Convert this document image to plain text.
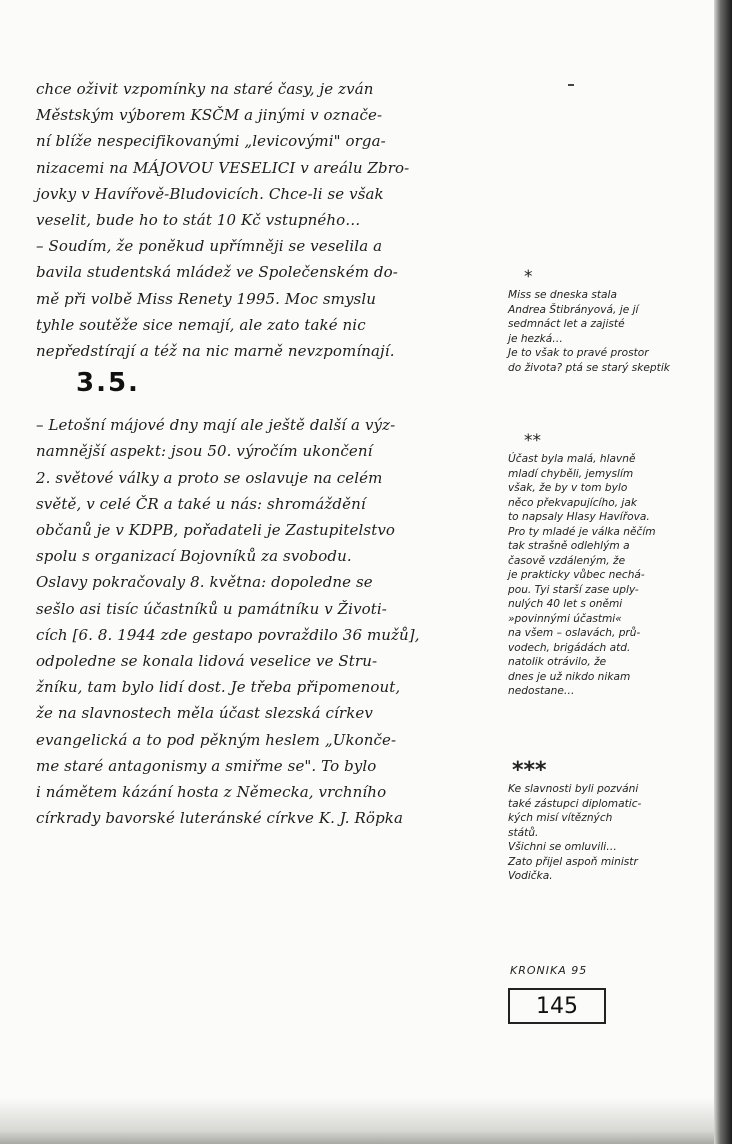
chce oživit vzpomínky na staré časy, je zván
Městským výborem KSČM a jinými v označe-
ní blíže nespecifikovanými „levicovými" orga-
nizacemi na MÁJOVOU VESELICI v areálu Zbro-
jovky v Havířově-Bludovicích. Chce-li se však
veselit, bude ho to stát 10 Kč vstupného…
– Soudím, že poněkud upřímněji se veselila a
bavila studentská mládež ve Společenském do-
mě při volbě Miss Renety 1995. Moc smyslu
tyhle soutěže sice nemají, ale zato také nic
nepředstírají a též na nic marně nevzpomínají.
3.5.
– Letošní májové dny mají ale ještě další a výz-
namnější aspekt: jsou 50. výročím ukončení
2. světové války a proto se oslavuje na celém
světě, v celé ČR a také u nás: shromáždění
občanů je v KDPB, pořadateli je Zastupitelstvo
spolu s organizací Bojovníků za svobodu.
Oslavy pokračovaly 8. května: dopoledne se
sešlo asi tisíc účastníků u památníku v Životi-
cích [6. 8. 1944 zde gestapo povraždilo 36 mužů],
odpoledne se konala lidová veselice ve Stru-
žníku, tam bylo lidí dost. Je třeba připomenout,
že na slavnostech měla účast slezská církev
evangelická a to pod pěkným heslem „Ukonče-
me staré antagonismy a smiřme se". To bylo
i námětem kázání hosta z Německa, vrchního
církrady bavorské luteránské církve K. J. Röpka
*
Miss se dneska stala
Andrea Štibrányová, je jí
sedmnáct let a zajisté
je hezká…
Je to však to pravé prostor
do života? ptá se starý skeptik
**
Účast byla malá, hlavně
mladí chyběli, jemyslím
však, že by v tom bylo
něco překvapujícího, jak
to napsaly Hlasy Havířova.
Pro ty mladé je válka něčím
tak strašně odlehlým a
časově vzdáleným, že
je prakticky vůbec nechá-
pou. Tyi starší zase uply-
nulých 40 let s oněmi
»povinnými účastmi«
na všem – oslavách, prů-
vodech, brigádách atd.
natolik otrávilo, že
dnes je už nikdo nikam
nedostane…
***
Ke slavnosti byli pozváni
také zástupci diplomatic-
kých misí vítězných
států.
Všichni se omluvili…
Zato přijel aspoň ministr
Vodička.
KRONIKA 95
145
